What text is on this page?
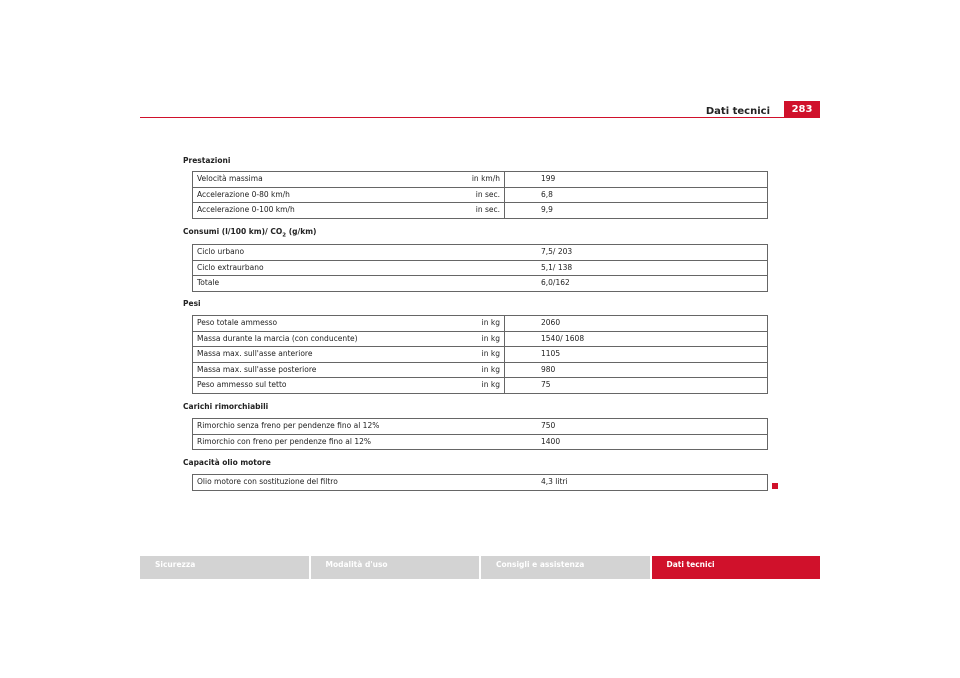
Dati tecnici	283
Prestazioni
Velocità massima	in km/h	199
Accelerazione 0-80 km/h	in sec.	6,8
Accelerazione 0-100 km/h	in sec.	9,9
Consumi (l/100 km)/ $CO_2$ (g/km)
Ciclo urbano	7,5/ 203
Ciclo extraurbano	5,1/ 138
Totale	6,0/162
Pesi
Peso totale ammesso	in kg	2060
Massa durante la marcia (con conducente)	in kg	1540/ 1608
Massa max. sull'asse anteriore	in kg	1105
Massa max. sull'asse posteriore	in kg	980
Peso ammesso sul tetto	in kg	75
Carichi rimorchiabili
Rimorchio senza freno per pendenze fino al 12%	750
Rimorchio con freno per pendenze fino al 12%	1400
Capacità olio motore
Olio motore con sostituzione del filtro	4,3 litri
Sicurezza	Modalità d'uso	Consigli e assistenza	Dati tecnici
